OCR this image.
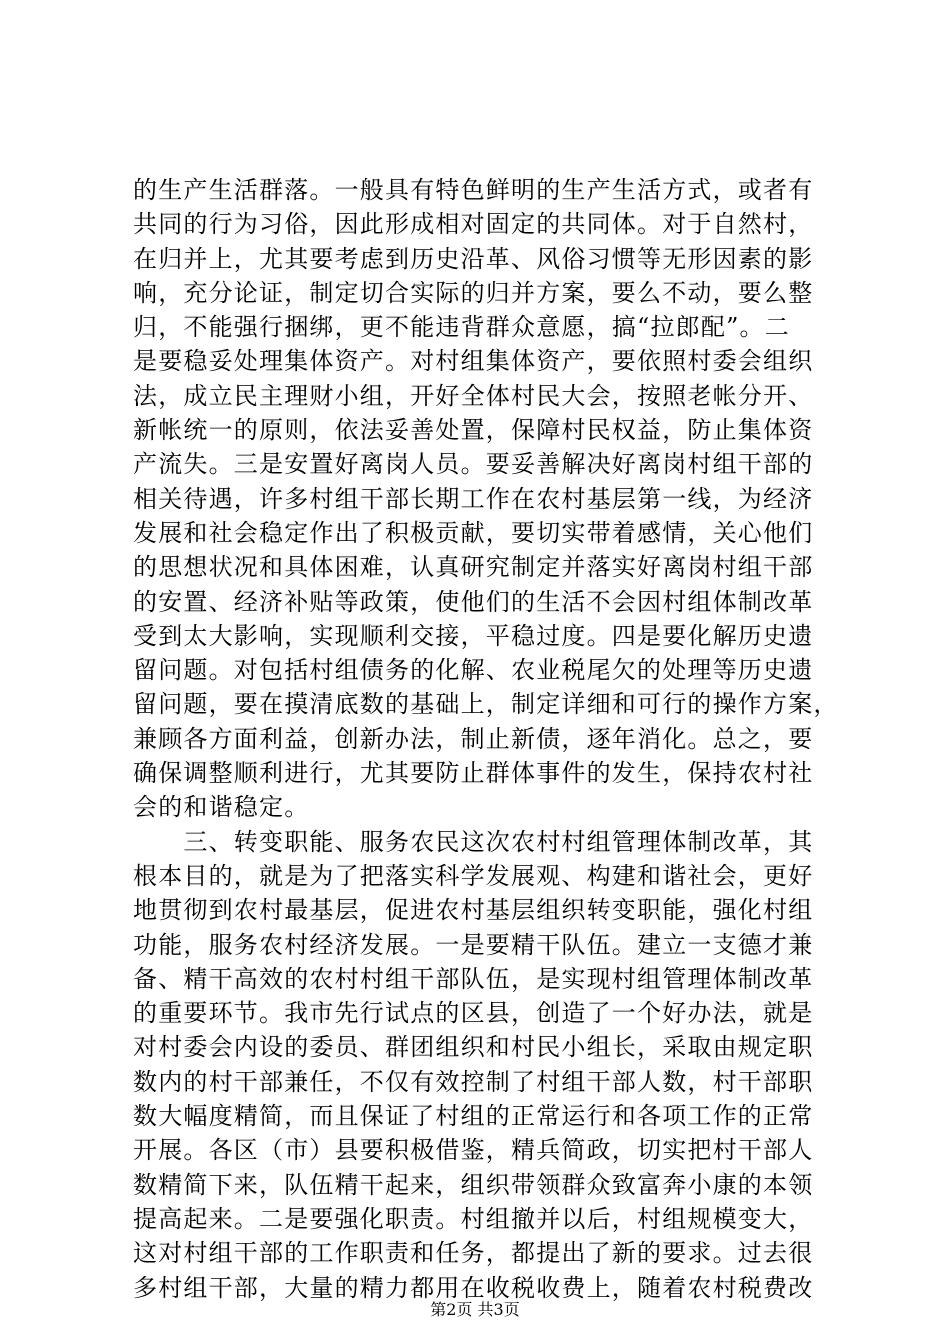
的生产生活群落。一般具有特色鲜明的生产生活方式，或者有
共同的行为习俗，因此形成相对固定的共同体。对于自然村，
在归并上，尤其要考虑到历史沿革、风俗习惯等无形因素的影
响，充分论证，制定切合实际的归并方案，要么不动，要么整
归，不能强行捆绑，更不能违背群众意愿，搞“拉郎配”。二
是要稳妥处理集体资产。对村组集体资产，要依照村委会组织
法，成立民主理财小组，开好全体村民大会，按照老帐分开、
新帐统一的原则，依法妥善处置，保障村民权益，防止集体资
产流失。三是安置好离岗人员。要妥善解决好离岗村组干部的
相关待遇，许多村组干部长期工作在农村基层第一线，为经济
发展和社会稳定作出了积极贡献，要切实带着感情，关心他们
的思想状况和具体困难，认真研究制定并落实好离岗村组干部
的安置、经济补贴等政策，使他们的生活不会因村组体制改革
受到太大影响，实现顺利交接，平稳过度。四是要化解历史遗
留问题。对包括村组债务的化解、农业税尾欠的处理等历史遗
留问题，要在摸清底数的基础上，制定详细和可行的操作方案，
兼顾各方面利益，创新办法，制止新债，逐年消化。总之，要
确保调整顺利进行，尤其要防止群体事件的发生，保持农村社
会的和谐稳定。
　　三、转变职能、服务农民这次农村村组管理体制改革，其
根本目的，就是为了把落实科学发展观、构建和谐社会，更好
地贯彻到农村最基层，促进农村基层组织转变职能，强化村组
功能，服务农村经济发展。一是要精干队伍。建立一支德才兼
备、精干高效的农村村组干部队伍，是实现村组管理体制改革
的重要环节。我市先行试点的区县，创造了一个好办法，就是
对村委会内设的委员、群团组织和村民小组长，采取由规定职
数内的村干部兼任，不仅有效控制了村组干部人数，村干部职
数大幅度精简，而且保证了村组的正常运行和各项工作的正常
开展。各区（市）县要积极借鉴，精兵简政，切实把村干部人
数精简下来，队伍精干起来，组织带领群众致富奔小康的本领
提高起来。二是要强化职责。村组撤并以后，村组规模变大，
这对村组干部的工作职责和任务，都提出了新的要求。过去很
多村组干部，大量的精力都用在收税收费上，随着农村税费改
第2页 共3页
